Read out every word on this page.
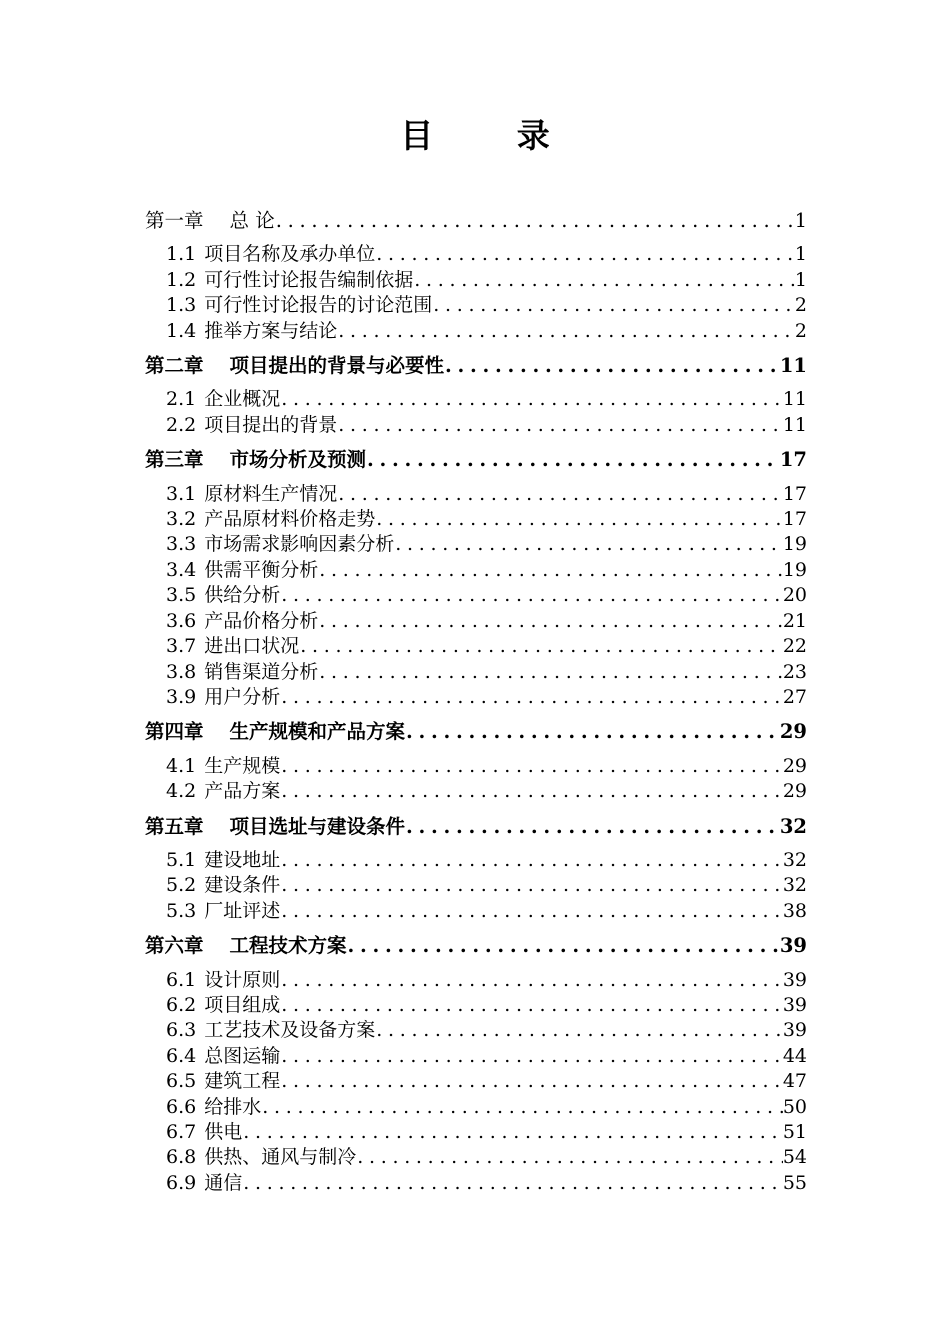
目 录
第一章 总 论 .....	1
1.1 项目名称及承办单位 .....	1
1.2 可行性讨论报告编制依据 .....	1
1.3 可行性讨论报告的讨论范围 .....	2
1.4 推举方案与结论 .....	2
第二章 项目提出的背景与必要性 .....	11
2.1 企业概况 .....	11
2.2 项目提出的背景 .....	11
第三章 市场分析及预测 .....	17
3.1 原材料生产情况 .....	17
3.2 产品原材料价格走势 .....	17
3.3 市场需求影响因素分析 .....	19
3.4 供需平衡分析 .....	19
3.5 供给分析 .....	20
3.6 产品价格分析 .....	21
3.7 进出口状况 .....	22
3.8 销售渠道分析 .....	23
3.9 用户分析 .....	27
第四章 生产规模和产品方案 .....	29
4.1 生产规模 .....	29
4.2 产品方案 .....	29
第五章 项目选址与建设条件 .....	32
5.1 建设地址 .....	32
5.2 建设条件 .....	32
5.3 厂址评述 .....	38
第六章 工程技术方案 .....	39
6.1 设计原则 .....	39
6.2 项目组成 .....	39
6.3 工艺技术及设备方案 .....	39
6.4 总图运输 .....	44
6.5 建筑工程 .....	47
6.6 给排水 .....	50
6.7 供电 .....	51
6.8 供热、通风与制冷 .....	54
6.9 通信 .....	55
